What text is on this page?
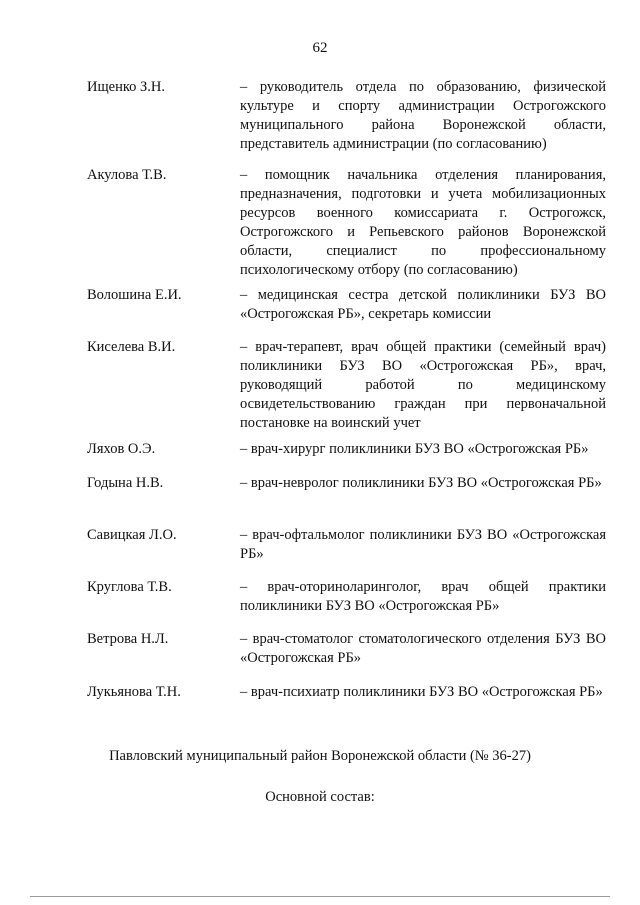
62
Ищенко З.Н.	– руководитель отдела по образованию, физической культуре и спорту администрации Острогожского муниципального района Воронежской области, представитель администрации (по согласованию)
Акулова Т.В.	– помощник начальника отделения планирования, предназначения, подготовки и учета мобилизационных ресурсов военного комиссариата г. Острогожск, Острогожского и Репьевского районов Воронежской области, специалист по профессиональному психологическому отбору (по согласованию)
Волошина Е.И.	– медицинская сестра детской поликлиники БУЗ ВО «Острогожская РБ», секретарь комиссии
Киселева В.И.	– врач-терапевт, врач общей практики (семейный врач) поликлиники БУЗ ВО «Острогожская РБ», врач, руководящий работой по медицинскому освидетельствованию граждан при первоначальной постановке на воинский учет
Ляхов О.Э.	– врач-хирург поликлиники БУЗ ВО «Острогожская РБ»
Годына Н.В.	– врач-невролог поликлиники БУЗ ВО «Острогожская РБ»
Савицкая Л.О.	– врач-офтальмолог поликлиники БУЗ ВО «Острогожская РБ»
Круглова Т.В.	– врач-оториноларинголог, врач общей практики поликлиники БУЗ ВО «Острогожская РБ»
Ветрова Н.Л.	– врач-стоматолог стоматологического отделения БУЗ ВО «Острогожская РБ»
Лукьянова Т.Н.	– врач-психиатр поликлиники БУЗ ВО «Острогожская РБ»
Павловский муниципальный район Воронежской области (№ 36-27)
Основной состав:
